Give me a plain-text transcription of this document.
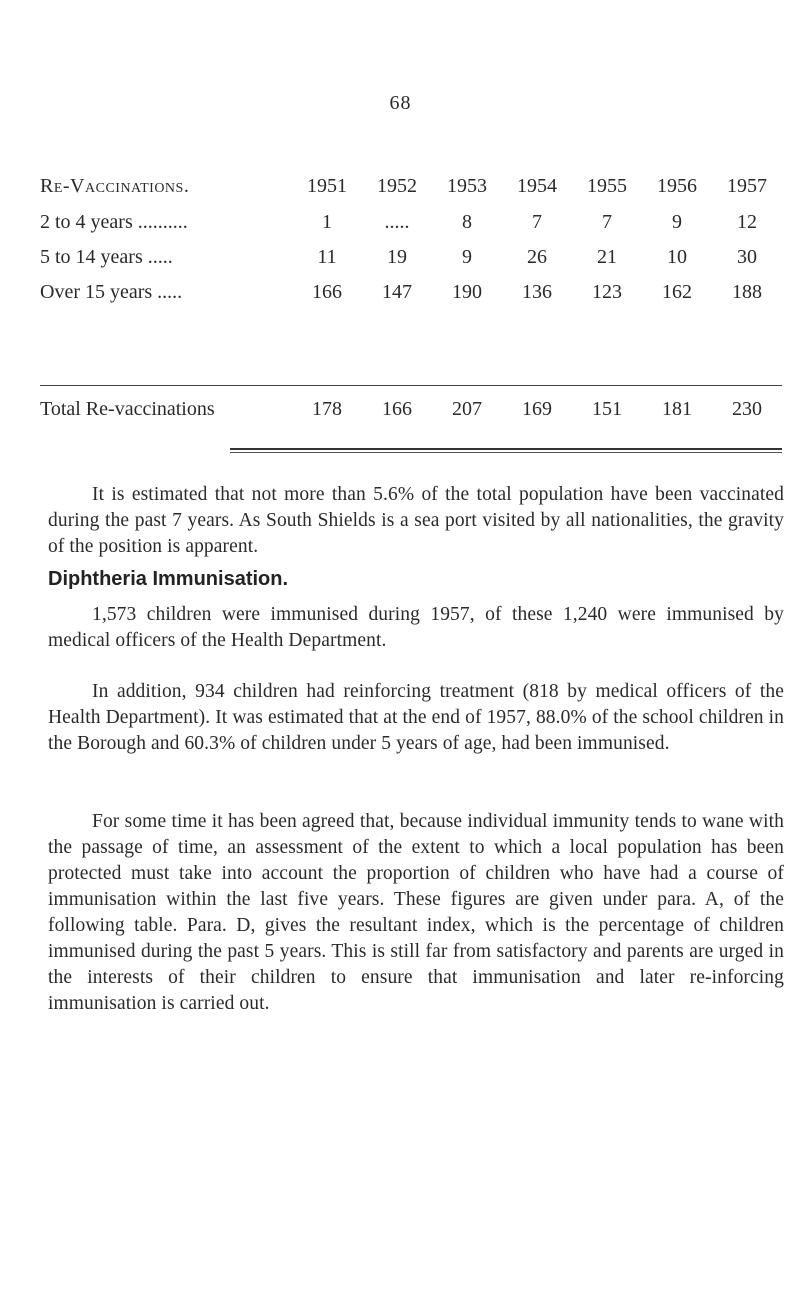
68
Re-Vaccinations.	1951	1952	1953	1954	1955	1956	1957
2 to 4 years ..........	1	.....	8	7	7	9	12
5 to 14 years .....	11	19	9	26	21	10	30
Over 15 years .....	166	147	190	136	123	162	188
Total Re-vaccinations	178	166	207	169	151	181	230

It is estimated that not more than 5.6% of the total population have been vaccinated during the past 7 years. As South Shields is a sea port visited by all nationalities, the gravity of the position is apparent.

Diphtheria Immunisation.

1,573 children were immunised during 1957, of these 1,240 were immunised by medical officers of the Health Department.

In addition, 934 children had reinforcing treatment (818 by medical officers of the Health Department). It was estimated that at the end of 1957, 88.0% of the school children in the Borough and 60.3% of children under 5 years of age, had been immunised.

For some time it has been agreed that, because individual immunity tends to wane with the passage of time, an assessment of the extent to which a local population has been protected must take into account the proportion of children who have had a course of immunisation within the last five years. These figures are given under para. A, of the following table. Para. D, gives the resultant index, which is the percentage of children immunised during the past 5 years. This is still far from satisfactory and parents are urged in the interests of their children to ensure that immunisation and later re-inforcing immunisation is carried out.
